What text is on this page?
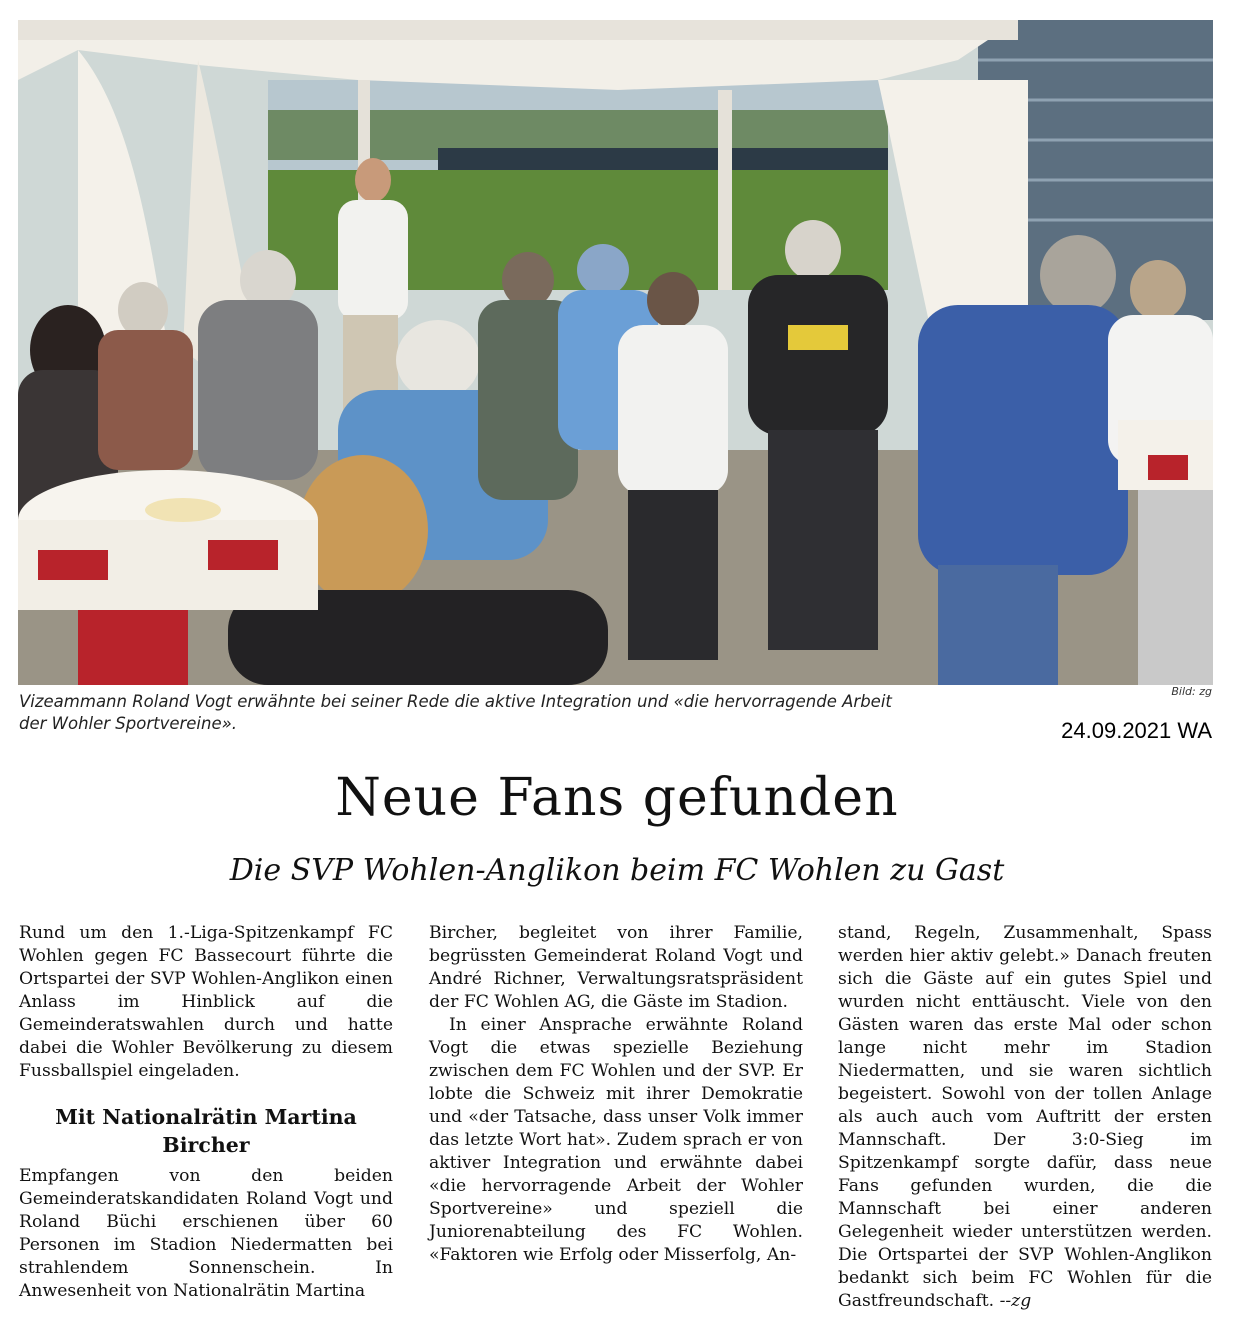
Bild: zg
Vizeammann Roland Vogt erwähnte bei seiner Rede die aktive Integration und «die hervorragende Arbeit der Wohler Sportvereine».	24.09.2021 WA
Neue Fans gefunden
Die SVP Wohlen-Anglikon beim FC Wohlen zu Gast

Rund um den 1.-Liga-Spitzenkampf FC Wohlen gegen FC Bassecourt führte die Ortspartei der SVP Wohlen-Anglikon einen Anlass im Hinblick auf die Gemeinderatswahlen durch und hatte dabei die Wohler Bevölkerung zu diesem Fussballspiel eingeladen.

Mit Nationalrätin Martina Bircher

Empfangen von den beiden Gemeinderatskandidaten Roland Vogt und Roland Büchi erschienen über 60 Personen im Stadion Niedermatten bei strahlendem Sonnenschein. In Anwesenheit von Nationalrätin Martina

Bircher, begleitet von ihrer Familie, begrüssten Gemeinderat Roland Vogt und André Richner, Verwaltungsratspräsident der FC Wohlen AG, die Gäste im Stadion.

In einer Ansprache erwähnte Roland Vogt die etwas spezielle Beziehung zwischen dem FC Wohlen und der SVP. Er lobte die Schweiz mit ihrer Demokratie und «der Tatsache, dass unser Volk immer das letzte Wort hat». Zudem sprach er von aktiver Integration und erwähnte dabei «die hervorragende Arbeit der Wohler Sportvereine» und speziell die Juniorenabteilung des FC Wohlen. «Faktoren wie Erfolg oder Misserfolg, An-

stand, Regeln, Zusammenhalt, Spass werden hier aktiv gelebt.» Danach freuten sich die Gäste auf ein gutes Spiel und wurden nicht enttäuscht. Viele von den Gästen waren das erste Mal oder schon lange nicht mehr im Stadion Niedermatten, und sie waren sichtlich begeistert. Sowohl von der tollen Anlage als auch auch vom Auftritt der ersten Mannschaft. Der 3:0-Sieg im Spitzenkampf sorgte dafür, dass neue Fans gefunden wurden, die die Mannschaft bei einer anderen Gelegenheit wieder unterstützen werden. Die Ortspartei der SVP Wohlen-Anglikon bedankt sich beim FC Wohlen für die Gastfreundschaft. --zg
